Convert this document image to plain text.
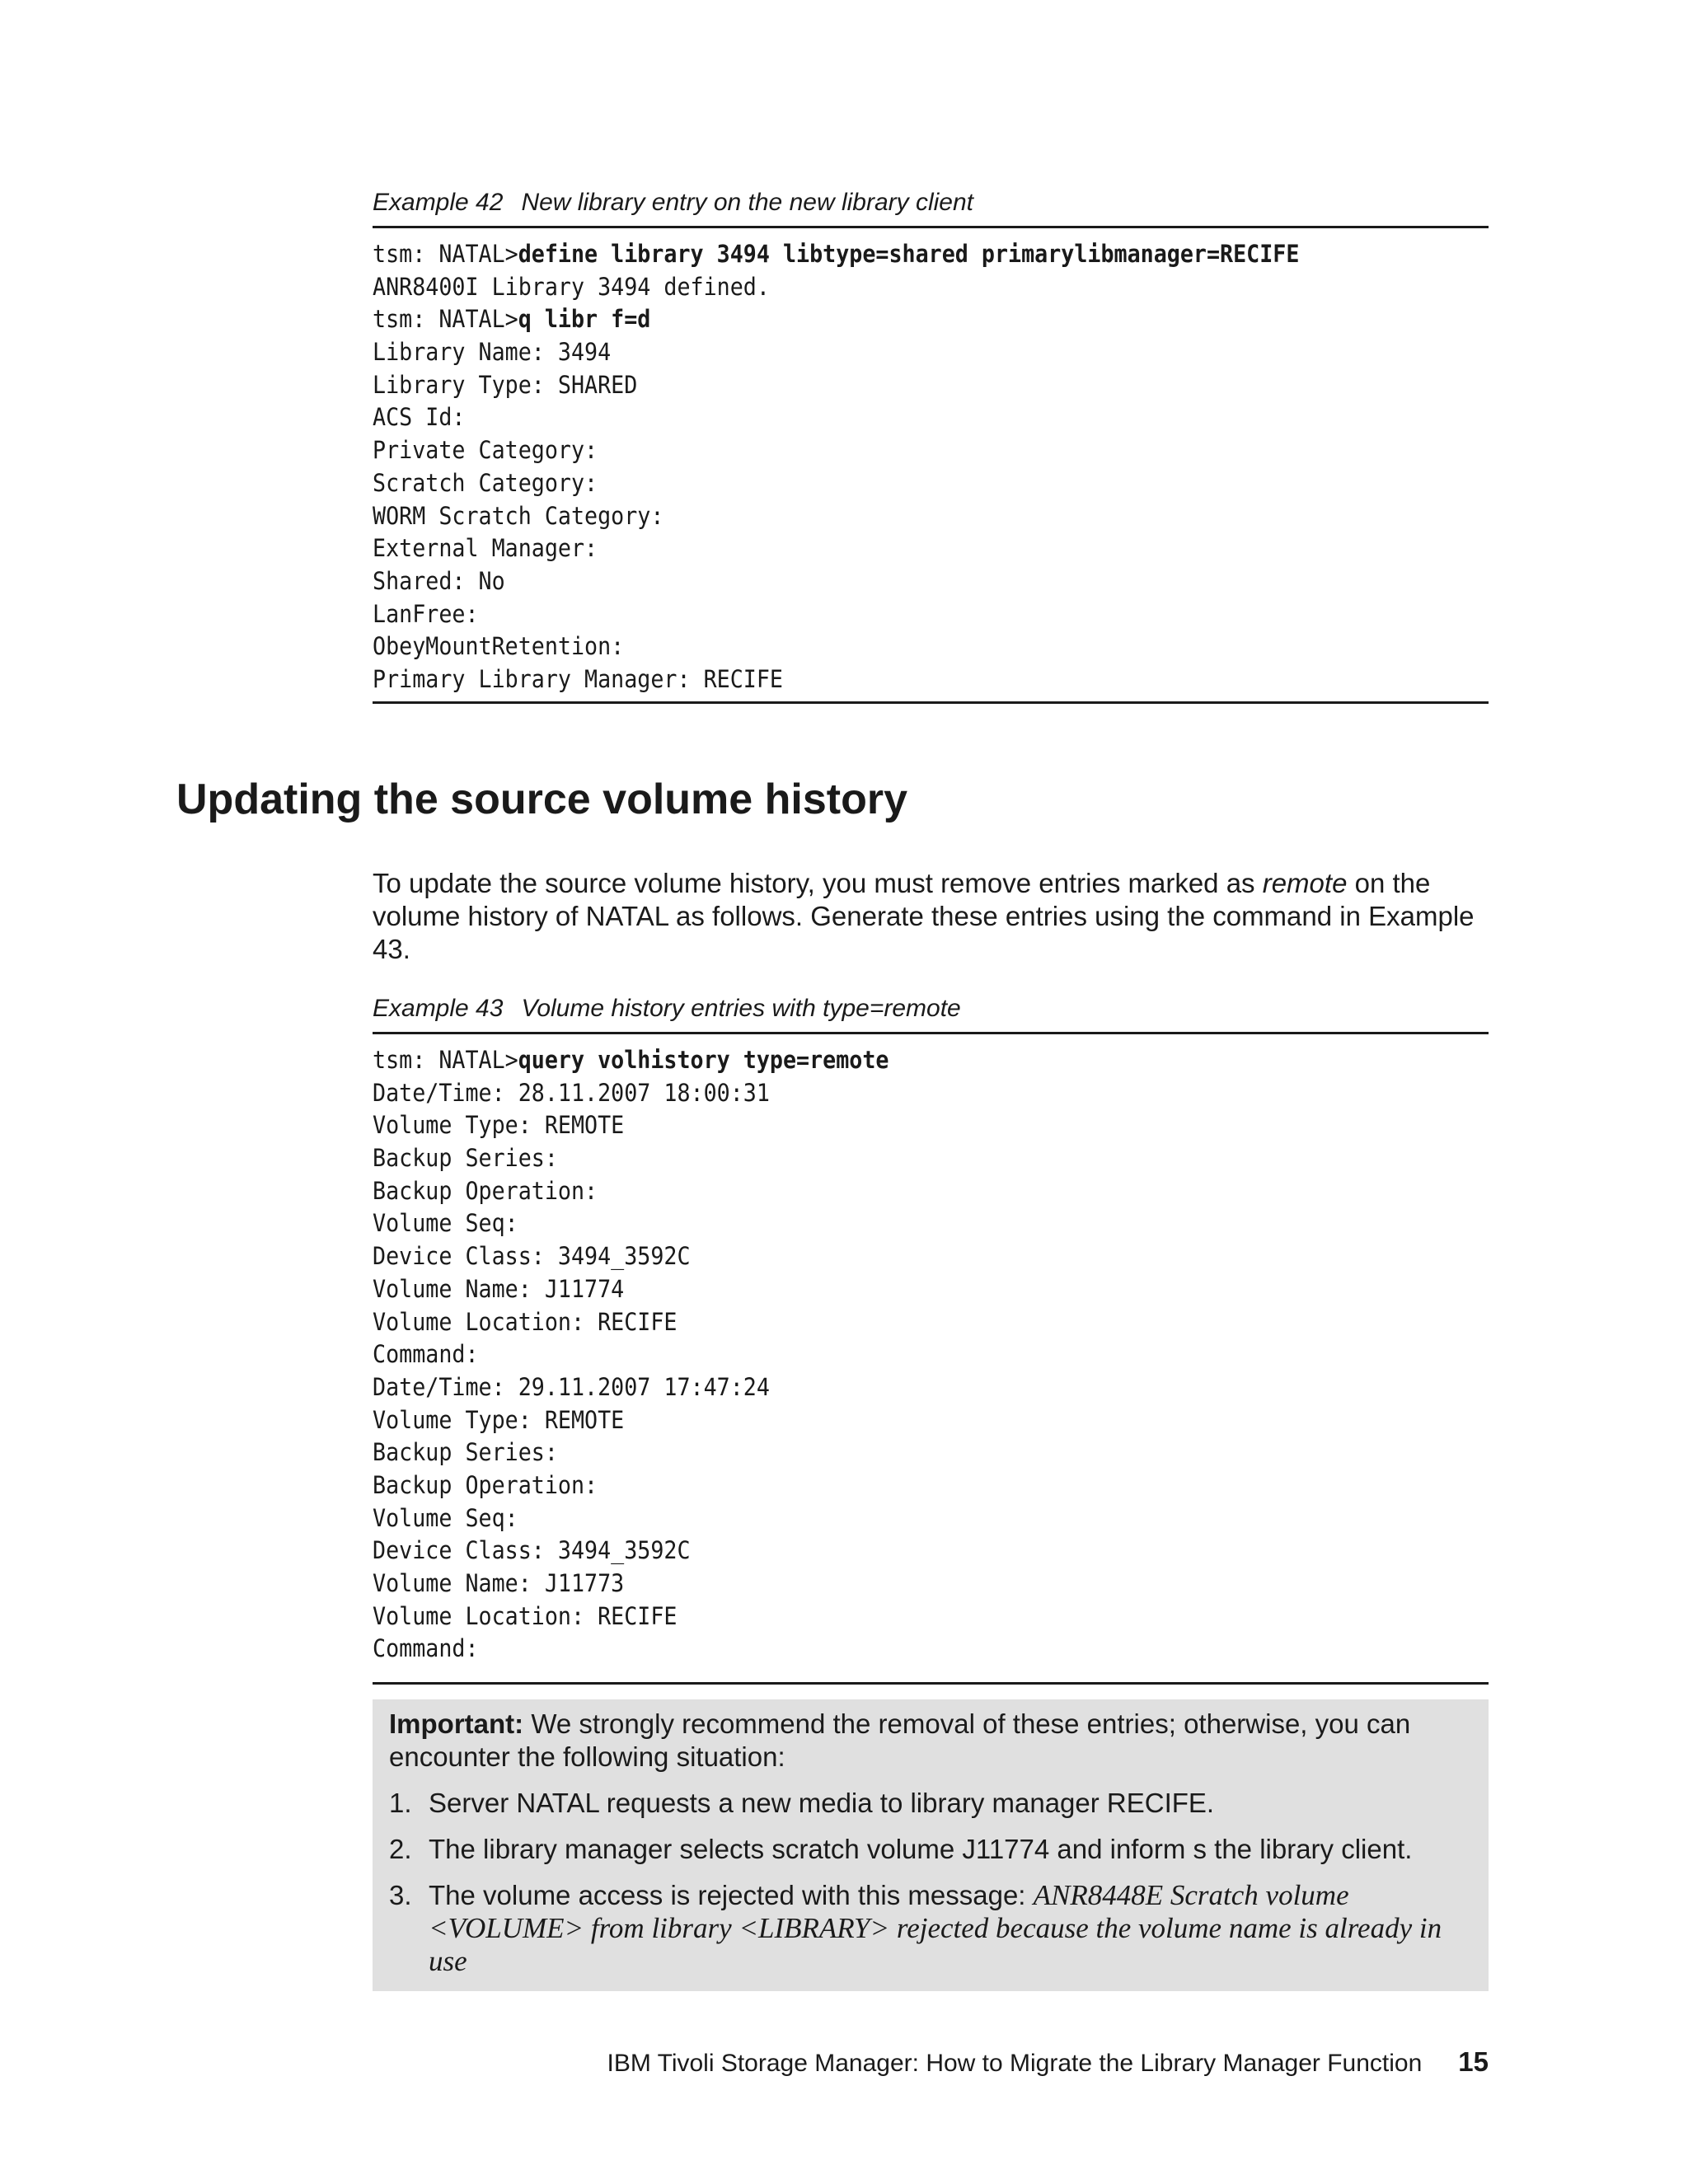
Example 42 New library entry on the new library client
tsm: NATAL>define library 3494 libtype=shared primarylibmanager=RECIFE
ANR8400I Library 3494 defined.
tsm: NATAL>q libr f=d
Library Name: 3494
Library Type: SHARED
ACS Id:
Private Category:
Scratch Category:
WORM Scratch Category:
External Manager:
Shared: No
LanFree:
ObeyMountRetention:
Primary Library Manager: RECIFE
Updating the source volume history
To update the source volume history, you must remove entries marked as remote on the volume history of NATAL as follows. Generate these entries using the command in Example 43.
Example 43 Volume history entries with type=remote
tsm: NATAL>query volhistory type=remote
Date/Time: 28.11.2007 18:00:31
Volume Type: REMOTE
Backup Series:
Backup Operation:
Volume Seq:
Device Class: 3494_3592C
Volume Name: J11774
Volume Location: RECIFE
Command:
Date/Time: 29.11.2007 17:47:24
Volume Type: REMOTE
Backup Series:
Backup Operation:
Volume Seq:
Device Class: 3494_3592C
Volume Name: J11773
Volume Location: RECIFE
Command:
Important: We strongly recommend the removal of these entries; otherwise, you can encounter the following situation:
1. Server NATAL requests a new media to library manager RECIFE.
2. The library manager selects scratch volume J11774 and inform s the library client.
3. The volume access is rejected with this message: ANR8448E Scratch volume <VOLUME> from library <LIBRARY> rejected because the volume name is already in use
IBM Tivoli Storage Manager: How to Migrate the Library Manager Function 15
